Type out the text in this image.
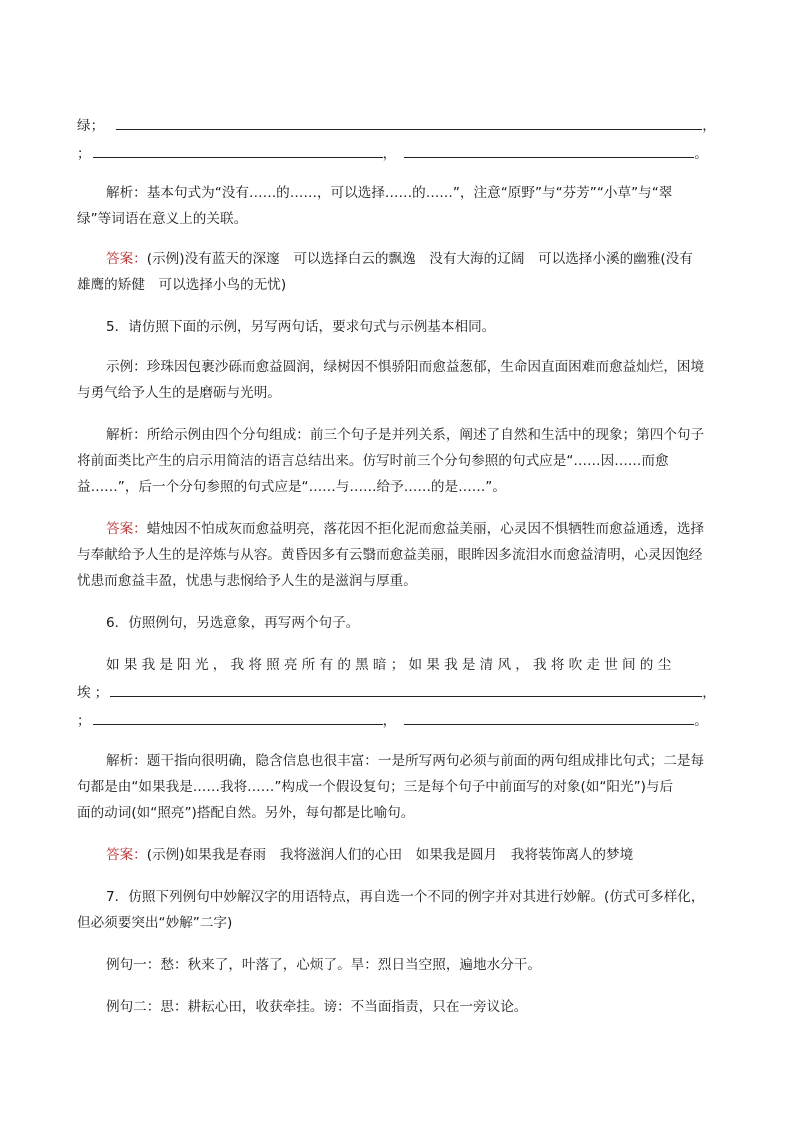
绿；	，
；	，	。
解析：基本句式为“没有……的……，可以选择……的……”，注意“原野”与“芬芳”“小草”与“翠
绿”等词语在意义上的关联。
答案：(示例)没有蓝天的深邃　可以选择白云的飘逸　没有大海的辽阔　可以选择小溪的幽雅(没有
雄鹰的矫健　可以选择小鸟的无忧)
5．请仿照下面的示例，另写两句话，要求句式与示例基本相同。
示例：珍珠因包裹沙砾而愈益圆润，绿树因不惧骄阳而愈益葱郁，生命因直面困难而愈益灿烂，困境
与勇气给予人生的是磨砺与光明。
解析：所给示例由四个分句组成：前三个句子是并列关系，阐述了自然和生活中的现象；第四个句子
将前面类比产生的启示用简洁的语言总结出来。仿写时前三个分句参照的句式应是“……因……而愈
益……”，后一个分句参照的句式应是“……与……给予……的是……”。
答案：蜡烛因不怕成灰而愈益明亮，落花因不拒化泥而愈益美丽，心灵因不惧牺牲而愈益通透，选择
与奉献给予人生的是淬炼与从容。黄昏因多有云翳而愈益美丽，眼眸因多流泪水而愈益清明，心灵因饱经
忧患而愈益丰盈，忧患与悲悯给予人生的是滋润与厚重。
6．仿照例句，另选意象，再写两个句子。
如果我是阳光，我将照亮所有的黑暗；如果我是清风，我将吹走世间的尘
埃 ；	，
；	，	。
解析：题干指向很明确，隐含信息也很丰富：一是所写两句必须与前面的两句组成排比句式；二是每
句都是由“如果我是……我将……”构成一个假设复句；三是每个句子中前面写的对象(如“阳光”)与后
面的动词(如“照亮”)搭配自然。另外，每句都是比喻句。
答案：(示例)如果我是春雨　我将滋润人们的心田　如果我是圆月　我将装饰离人的梦境
7．仿照下列例句中妙解汉字的用语特点，再自选一个不同的例字并对其进行妙解。(仿式可多样化，
但必须要突出“妙解”二字)
例句一：愁：秋来了，叶落了，心烦了。旱：烈日当空照，遍地水分干。
例句二：思：耕耘心田，收获牵挂。谤：不当面指责，只在一旁议论。
